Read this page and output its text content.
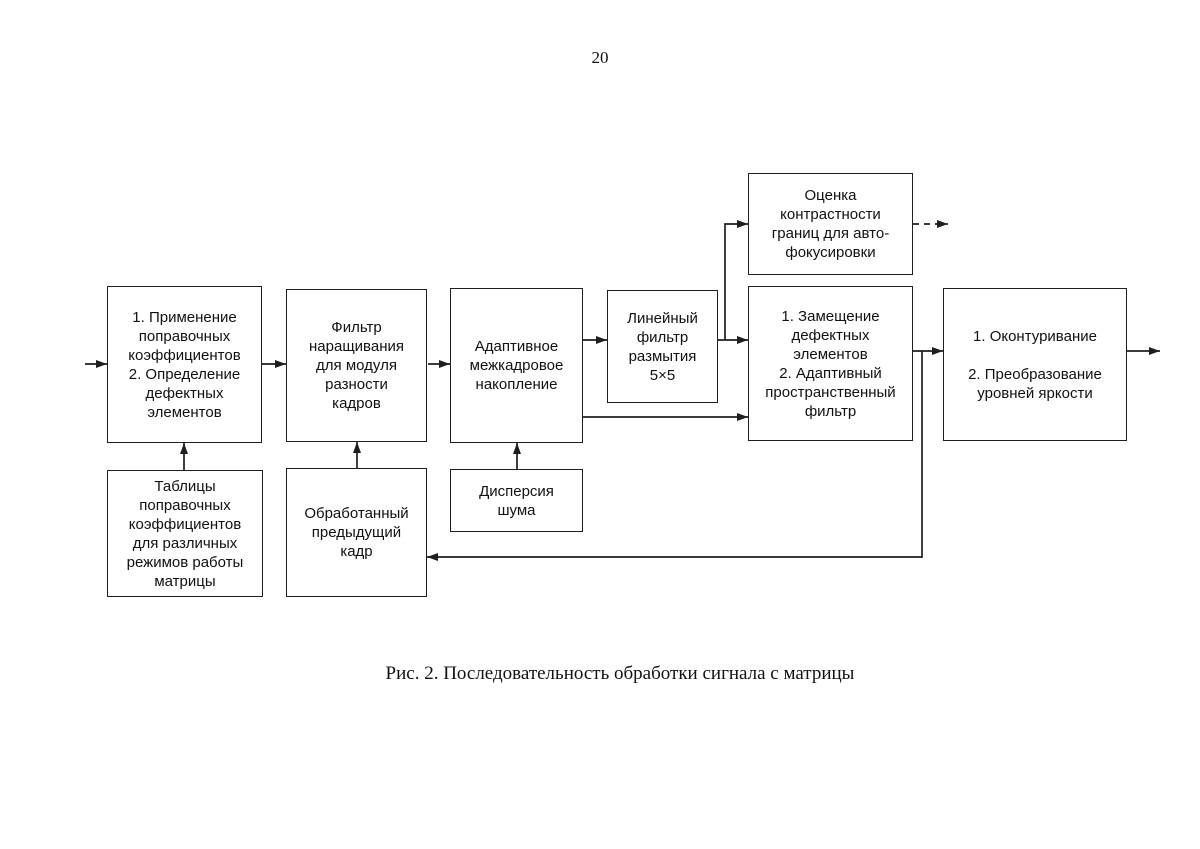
20
Оценка
контрастности
границ для авто-
фокусировки
1. Применение
поправочных
коэффициентов
2. Определение
дефектных
элементов
Фильтр
наращивания
для модуля
разности
кадров
Адаптивное
межкадровое
накопление
Линейный
фильтр
размытия
5×5
1. Замещение
дефектных
элементов
2. Адаптивный
пространственный
фильтр
1. Оконтуривание

2. Преобразование
уровней яркости
Таблицы
поправочных
коэффициентов
для различных
режимов работы
матрицы
Обработанный
предыдущий
кадр
Дисперсия
шума
Рис. 2. Последовательность обработки сигнала с матрицы
